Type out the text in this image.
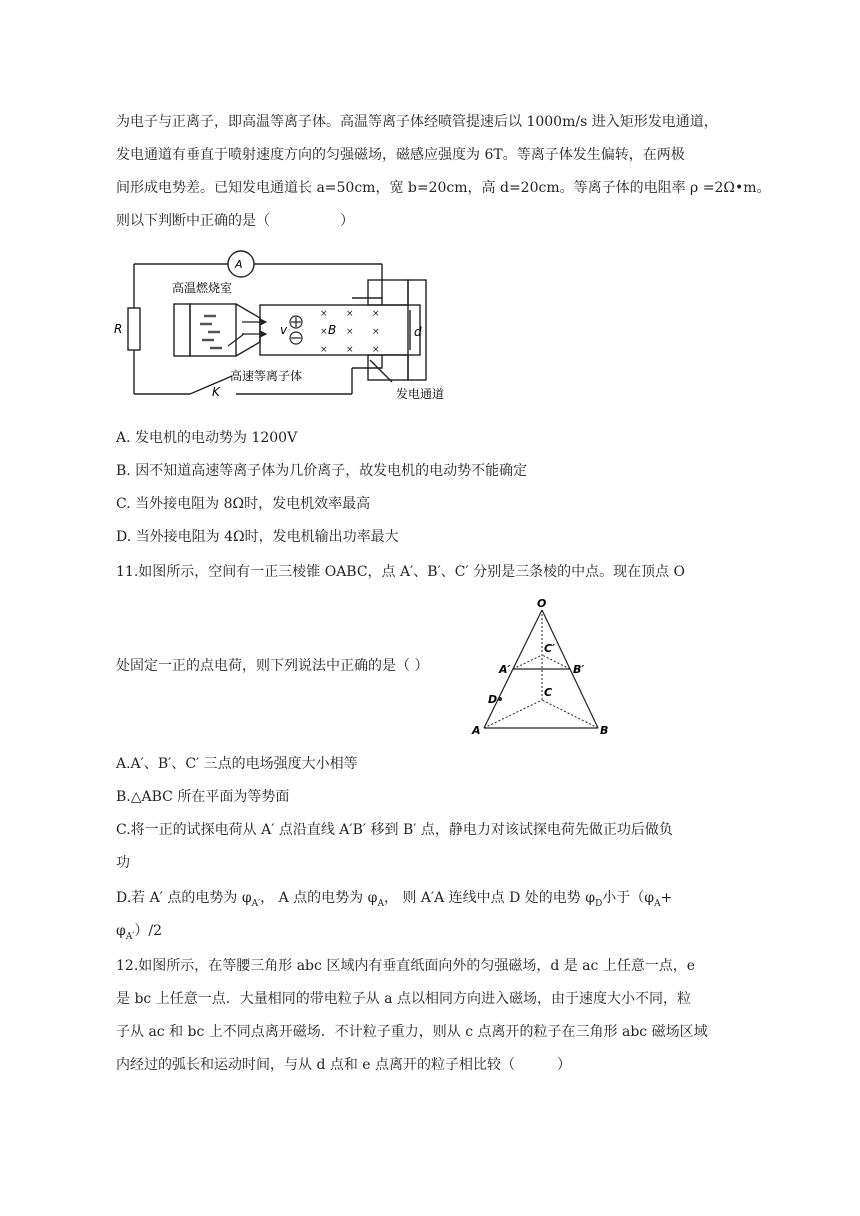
为电子与正离子，即高温等离子体。高温等离子体经喷管提速后以 1000m/s 进入矩形发电通道，
发电通道有垂直于喷射速度方向的匀强磁场，磁感应强度为 6T。等离子体发生偏转，在两极
间形成电势差。已知发电通道长 a=50cm，宽 b=20cm，高 d=20cm。等离子体的电阻率 ρ =2Ω•m。
则以下判断中正确的是（　　　　　）
× × ×
× × ×
× × ×
A
R
K
高温燃烧室
高速等离子体
发电通道
v	B	d
A. 发电机的电动势为 1200V
B. 因不知道高速等离子体为几价离子，故发电机的电动势不能确定
C. 当外接电阻为 8Ω时，发电机效率最高
D. 当外接电阻为 4Ω时，发电机输出功率最大
11.如图所示，空间有一正三棱锥 OABC，点 A′、B′、C′ 分别是三条棱的中点。现在顶点 O
处固定一正的点电荷，则下列说法中正确的是（ ）
O
A	B
C
A′	B′
C′
D
A.A′、B′、C′ 三点的电场强度大小相等
B.△ABC 所在平面为等势面
C.将一正的试探电荷从 A′ 点沿直线 A′B′ 移到 B′ 点，静电力对该试探电荷先做正功后做负
功
D.若 A′ 点的电势为 $\varphi_{A'}$， A 点的电势为 $\varphi_A$， 则 A′A 连线中点 D 处的电势 $\varphi_D$小于（$\varphi_A+$
$\varphi_{A'})/2$
12.如图所示，在等腰三角形 abc 区域内有垂直纸面向外的匀强磁场，d 是 ac 上任意一点，e
是 bc 上任意一点．大量相同的带电粒子从 a 点以相同方向进入磁场，由于速度大小不同，粒
子从 ac 和 bc 上不同点离开磁场．不计粒子重力，则从 c 点离开的粒子在三角形 abc 磁场区域
内经过的弧长和运动时间，与从 d 点和 e 点离开的粒子相比较（　　　）
